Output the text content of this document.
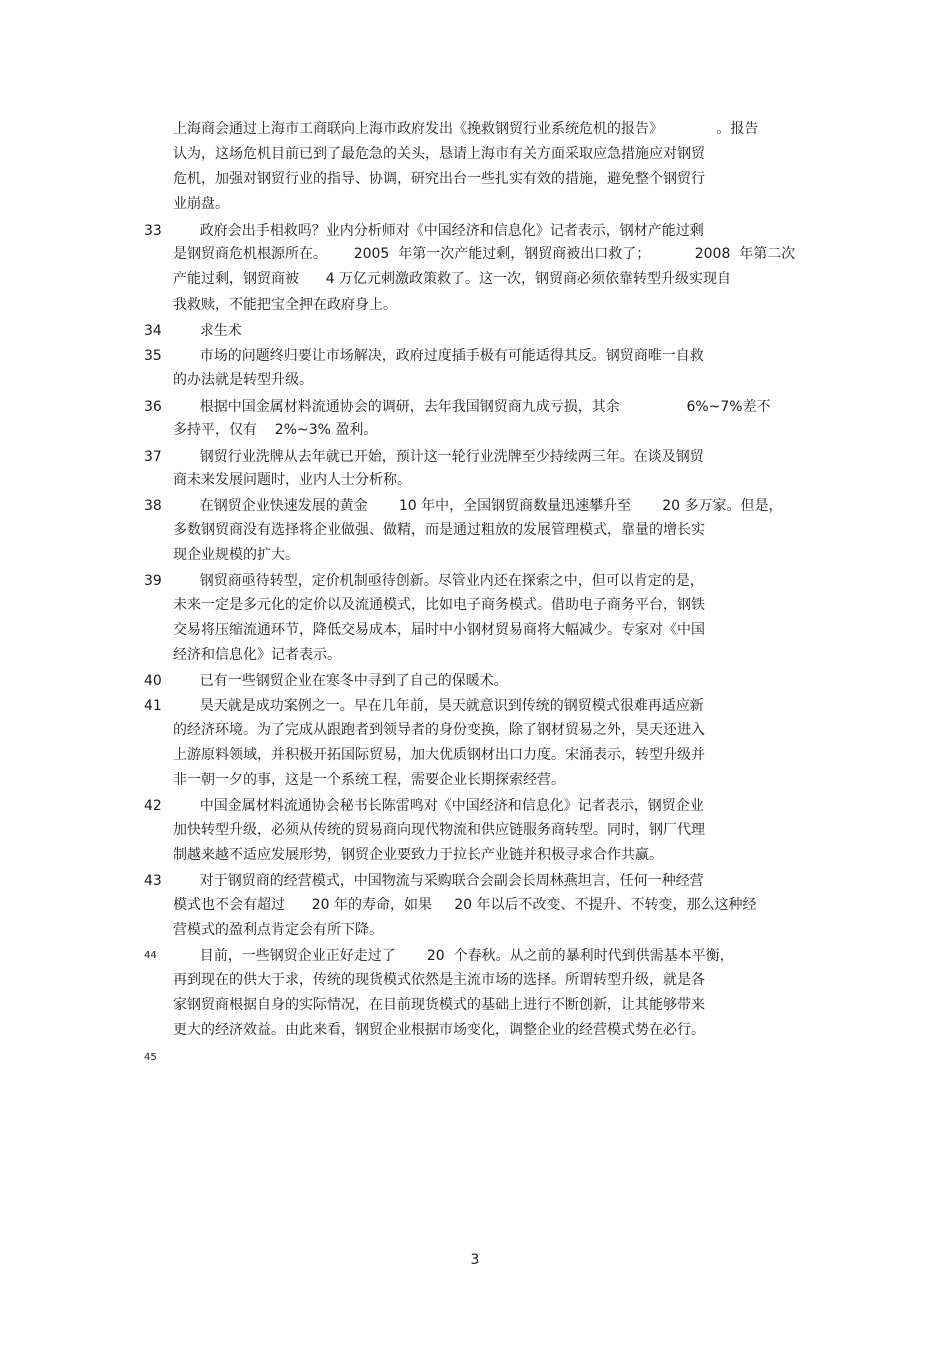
上海商会通过上海市工商联向上海市政府发出《挽救钢贸行业系统危机的报告》            。报告
认为，这场危机目前已到了最危急的关头，恳请上海市有关方面采取应急措施应对钢贸
危机，加强对钢贸行业的指导、协调，研究出台一些扎实有效的措施，避免整个钢贸行
业崩盘。
33 政府会出手相救吗？业内分析师对《中国经济和信息化》记者表示，钢材产能过剩
是钢贸商危机根源所在。      2005  年第一次产能过剩，钢贸商被出口救了；          2008  年第二次
产能过剩，钢贸商被      4 万亿元刺激政策救了。这一次，钢贸商必须依靠转型升级实现自
我救赎，不能把宝全押在政府身上。
34 求生术
35 市场的问题终归要让市场解决，政府过度插手极有可能适得其反。钢贸商唯一自救
的办法就是转型升级。
36 根据中国金属材料流通协会的调研，去年我国钢贸商九成亏损，其余               6%~7%差不
多持平，仅有    2%~3% 盈利。
37 钢贸行业洗牌从去年就已开始，预计这一轮行业洗牌至少持续两三年。在谈及钢贸
商未来发展问题时，业内人士分析称。
38 在钢贸企业快速发展的黄金       10 年中，全国钢贸商数量迅速攀升至       20 多万家。但是，
多数钢贸商没有选择将企业做强、做精，而是通过粗放的发展管理模式，靠量的增长实
现企业规模的扩大。
39 钢贸商亟待转型，定价机制亟待创新。尽管业内还在探索之中，但可以肯定的是，
未来一定是多元化的定价以及流通模式，比如电子商务模式。借助电子商务平台，钢铁
交易将压缩流通环节，降低交易成本，届时中小钢材贸易商将大幅减少。专家对《中国
经济和信息化》记者表示。
40 已有一些钢贸企业在寒冬中寻到了自己的保暖术。
41 昊天就是成功案例之一。早在几年前，昊天就意识到传统的钢贸模式很难再适应新
的经济环境。为了完成从跟跑者到领导者的身份变换，除了钢材贸易之外，昊天还进入
上游原料领域，并积极开拓国际贸易，加大优质钢材出口力度。宋涌表示，转型升级并
非一朝一夕的事，这是一个系统工程，需要企业长期探索经营。
42 中国金属材料流通协会秘书长陈雷鸣对《中国经济和信息化》记者表示，钢贸企业
加快转型升级，必须从传统的贸易商向现代物流和供应链服务商转型。同时，钢厂代理
制越来越不适应发展形势，钢贸企业要致力于拉长产业链并积极寻求合作共赢。
43 对于钢贸商的经营模式，中国物流与采购联合会副会长周林燕坦言，任何一种经营
模式也不会有超过      20 年的寿命，如果     20 年以后不改变、不提升、不转变，那么这种经
营模式的盈利点肯定会有所下降。
44 目前，一些钢贸企业正好走过了       20  个春秋。从之前的暴利时代到供需基本平衡，
再到现在的供大于求，传统的现货模式依然是主流市场的选择。所谓转型升级，就是各
家钢贸商根据自身的实际情况，在目前现货模式的基础上进行不断创新，让其能够带来
更大的经济效益。由此来看，钢贸企业根据市场变化，调整企业的经营模式势在必行。
45
3
